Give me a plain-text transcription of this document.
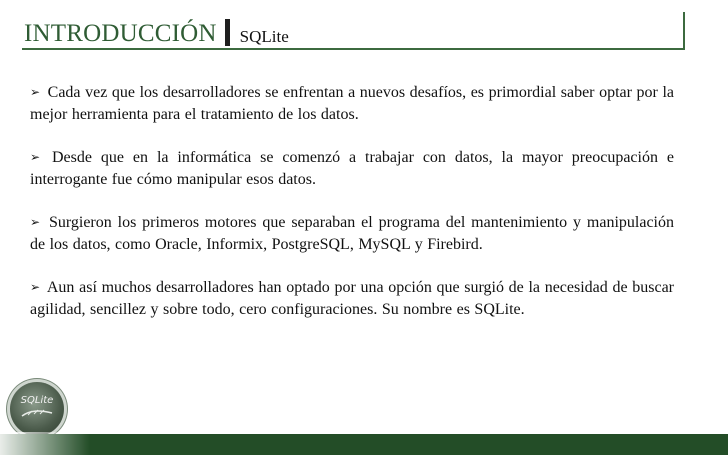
INTRODUCCIÓN SQLite

➢ Cada vez que los desarrolladores se enfrentan a nuevos desafíos, es primordial saber optar por la mejor herramienta para el tratamiento de los datos.

➢ Desde que en la informática se comenzó a trabajar con datos, la mayor preocupación e interrogante fue cómo manipular esos datos.

➢ Surgieron los primeros motores que separaban el programa del mantenimiento y manipulación de los datos, como Oracle, Informix, PostgreSQL, MySQL y Firebird.

➢ Aun así muchos desarrolladores han optado por una opción que surgió de la necesidad de buscar agilidad, sencillez y sobre todo, cero configuraciones. Su nombre es SQLite.

SQLite
